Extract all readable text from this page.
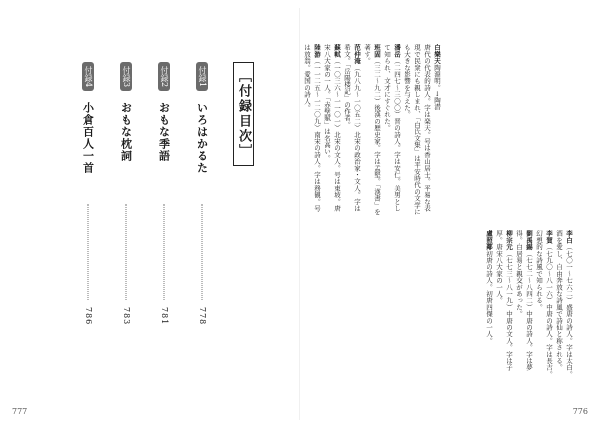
［付録目次］
付録1
いろはかるた
778
付録2
おもな季語
781
付録3
おもな枕詞
783
付録4
小倉百人一首
786
777	776

白樂天陶淵明。→陶潜

唐代の代表的詩人。字は楽天。号は香山居士。平易な表現で民衆にも親しまれ、「白氏文集」は平安時代の文学にも大きな影響を与えた。

潘岳（二四七〜三〇〇）晋の詩人。字は安仁。美男として知られ、文才にすぐれた。

班固（三二〜九二）後漢の歴史家。字は孟堅。「漢書」を著す。

范仲淹（九八九〜一〇五二）北宋の政治家・文人。字は希文。「岳陽楼記」の作者。

蘇軾（一〇三六〜一一〇一）北宋の文人。号は東坡。唐宋八大家の一人。「赤壁賦」は名高い。

陸游（一一二五〜一二〇九）南宋の詩人。字は務観。号は放翁。愛国の詩人。

李白（七〇一〜七六二）盛唐の詩人。字は太白。酒を愛し、自由奔放な詩風で詩仙と称される。

李賀（七九〇〜八一六）中唐の詩人。字は長吉。幻想的な詩風で知られる。

劉禹錫（七七二〜八四二）中唐の詩人。字は夢得。白居易と親交があった。

柳宗元（七七三〜八一九）中唐の文人。字は子厚。唐宋八大家の一人。

盧照鄰初唐の詩人。初唐四傑の一人。
